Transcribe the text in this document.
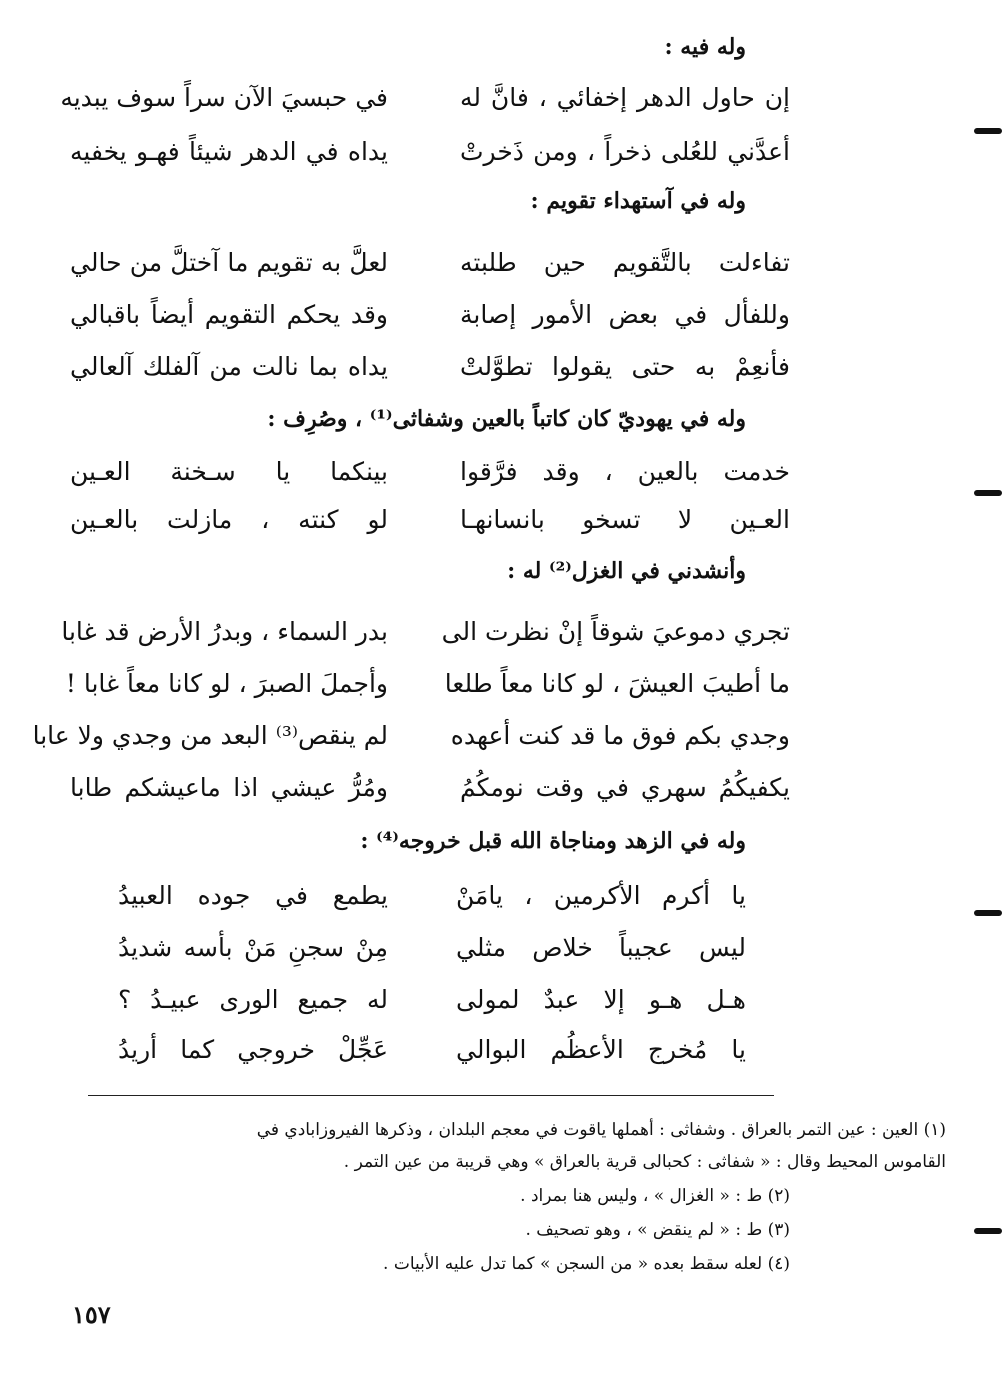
وله فيه :
إن حاول الدهر إخفائي ، فانَّ له
في حبسيَ الآن سراً سوف يبديه
أعدَّني للعُلى ذخراً ، ومن ذَخرتْ
يداه في الدهر شيئاً فهـو يخفيه
وله في آستهداء تقويم :
تفاءلت بالتَّقويم حين طلبته
لعلَّ به تقويم ما آختلَّ من حالي
وللفأل في بعض الأمور إصابة
وقد يحكم التقويم أيضاً باقبالي
فأنعِمْ به حتى يقولوا تطوَّلتْ
يداه بما نالت من آلفلك آلعالي
وله في يهوديّ كان كاتباً بالعين وشفاثى⁽¹⁾ ، وصُرِف :
خدمت بالعين ، وقد فرَّقوا
بينكما يا سـخنة العـين
العـين لا تسخو بانسانهـا
لو كنته ، مازلت بالعـين
وأنشدني في الغزل⁽²⁾ له :
تجري دموعيَ شوقاً إنْ نظرت الى
بدر السماء ، وبدرُ الأرض قد غابا
ما أطيبَ العيشَ ، لو كانا معاً طلعا
وأجملَ الصبرَ ، لو كانا معاً غابا !
وجدي بكم فوق ما قد كنت أعهده
لم ينقص⁽³⁾ البعد من وجدي ولا عابا
يكفيكُمُ سهري في وقت نومكُمُ
ومُرُّ عيشي اذا ماعيشكم طابا
وله في الزهد ومناجاة الله قبل خروجه⁽⁴⁾ :
يا أكرم الأكرمين ، يامَنْ
يطمع في جوده العبيدُ
ليس عجيباً خلاص مثلي
مِنْ سجنِ مَنْ بأسه شديدُ
هـل هـو إلا عبدٌ لمولى
له جميع الورى عبيـدُ ؟
يا مُخرج الأعظُم البوالي
عَجِّلْ خروجي كما أريدُ
(١) العين : عين التمر بالعراق . وشفاثى : أهملها ياقوت في معجم البلدان ، وذكرها الفيروزابادي في
القاموس المحيط وقال : « شفاثى : كحبالى قرية بالعراق » وهي قريبة من عين التمر .
(٢) ط : « الغزال » ، وليس هنا بمراد .
(٣) ط : « لم ينقض » ، وهو تصحيف .
(٤) لعله سقط بعده « من السجن » كما تدل عليه الأبيات .
١٥٧
